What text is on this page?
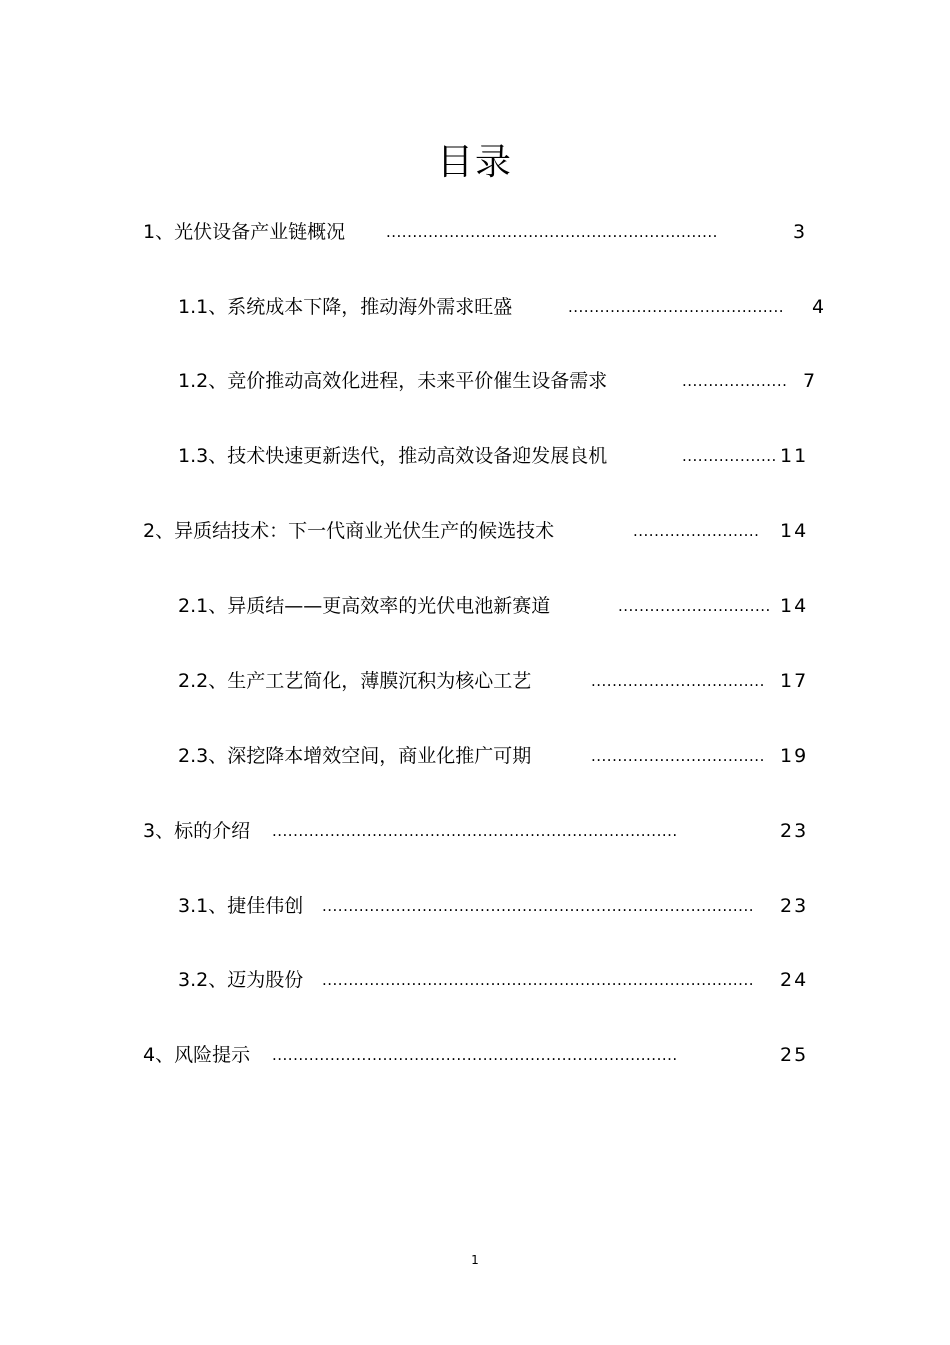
目录
1、光伏设备产业链概况	...............................................................	3
1.1、系统成本下降，推动海外需求旺盛	.........................................	4
1.2、竞价推动高效化进程，未来平价催生设备需求	.................... 7
1.3、技术快速更新迭代，推动高效设备迎发展良机	.................. 11
2、异质结技术：下一代商业光伏生产的候选技术	........................ 14
2.1、异质结——更高效率的光伏电池新赛道	............................. 14
2.2、生产工艺简化，薄膜沉积为核心工艺	................................. 17
2.3、深挖降本增效空间，商业化推广可期	................................. 19
3、标的介绍 .............................................................................	23
3.1、捷佳伟创 ..................................................................................	23
3.2、迈为股份 ..................................................................................	24
4、风险提示 .............................................................................	25
1
